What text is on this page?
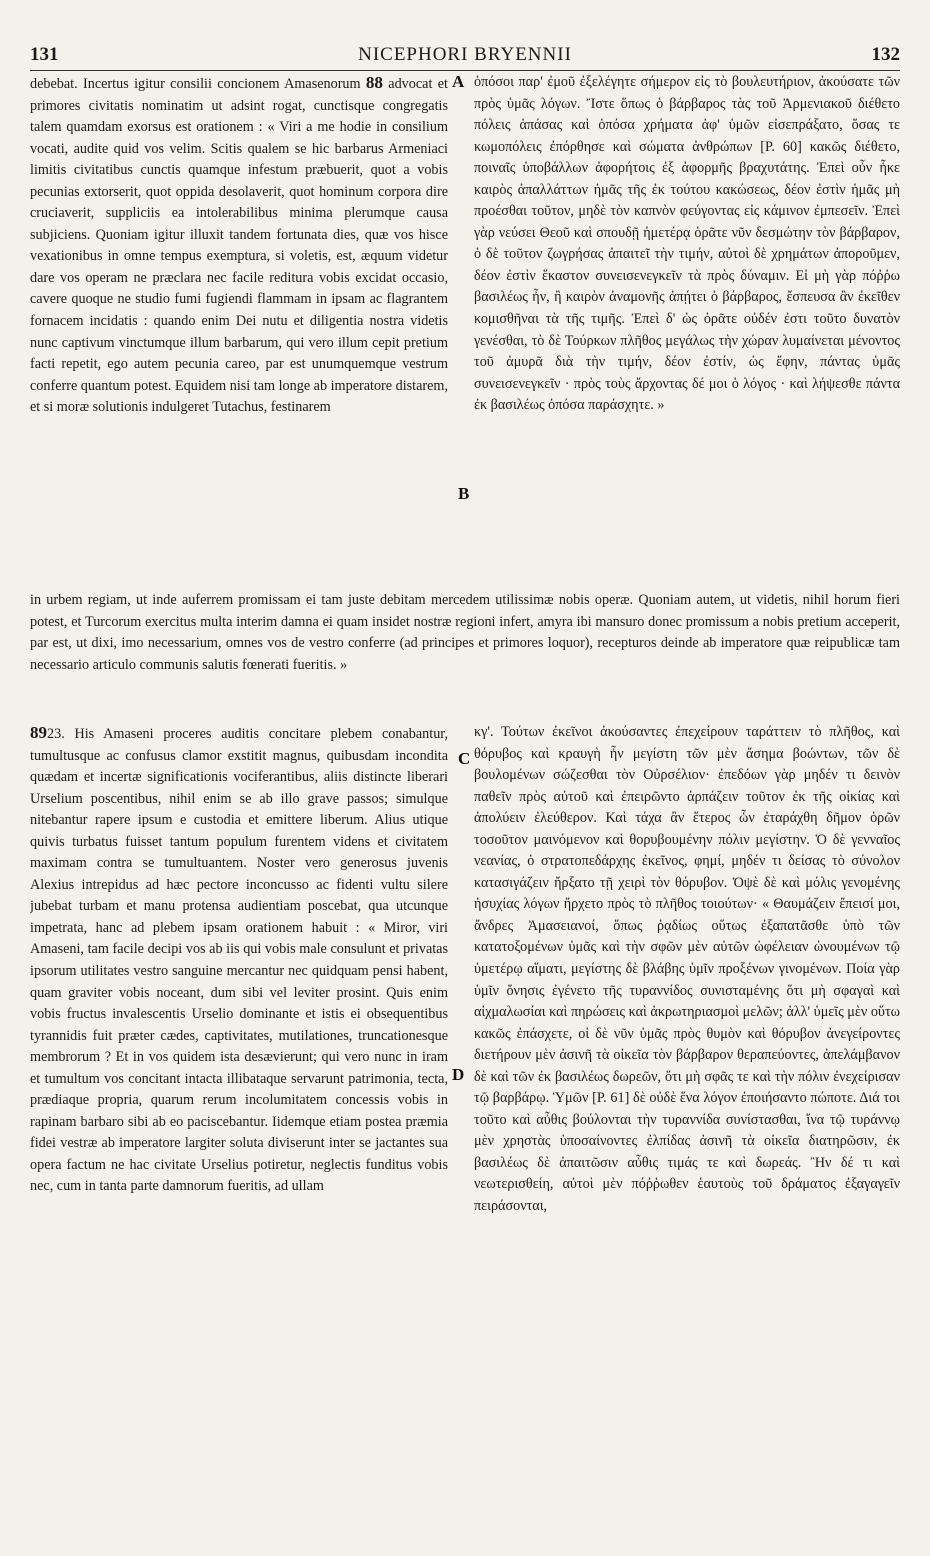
131	NICEPHORI BRYENNII	132

debebat. Incertus igitur consilii concionem Amasenorum 88 advocat et primores civitatis nominatim ut adsint rogat, cunctisque congregatis talem quamdam exorsus est orationem : « Viri a me hodie in consilium vocati, audite quid vos velim. Scitis qualem se hic barbarus Armeniaci limitis civitatibus cunctis quamque infestum præbuerit, quot a vobis pecunias extorserit, quot oppida desolaverit, quot hominum corpora dire cruciaverit, suppliciis ea intolerabilibus minima plerumque causa subjiciens. Quoniam igitur illuxit tandem fortunata dies, quæ vos hisce vexationibus in omne tempus exemptura, si voletis, est, æquum videtur dare vos operam ne præclara nec facile reditura vobis excidat occasio, cavere quoque ne studio fumi fugiendi flammam in ipsam ac flagrantem fornacem incidatis : quando enim Dei nutu et diligentia nostra videtis nunc captivum vinctumque illum barbarum, qui vero illum cepit pretium facti repetit, ego autem pecunia careo, par est unumquemque vestrum conferre quantum potest. Equidem nisi tam longe ab imperatore distarem, et si moræ solutionis indulgeret Tutachus, festinarem

ὁπόσοι παρ' ἐμοῦ ἐξελέγητε σήμερον εἰς τὸ βουλευτήριον, ἀκούσατε τῶν πρὸς ὑμᾶς λόγων. Ἴστε ὅπως ὁ βάρβαρος τὰς τοῦ Ἀρμενιακοῦ διέθετο πόλεις ἁπάσας καὶ ὁπόσα χρήματα ἀφ' ὑμῶν εἰσεπράξατο, ὅσας τε κωμοπόλεις ἐπόρθησε καὶ σώματα ἀνθρώπων [P. 60] κακῶς διέθετο, ποιναῖς ὑποβάλλων ἀφορήτοις ἐξ ἀφορμῆς βραχυτάτης. Ἐπεὶ οὖν ἧκε καιρὸς ἀπαλλάττων ἡμᾶς τῆς ἐκ τούτου κακώσεως, δέον ἐστὶν ἡμᾶς μὴ προέσθαι τοῦτον, μηδὲ τὸν καπνὸν φεύγοντας εἰς κάμινον ἐμπεσεῖν. Ἐπεὶ γὰρ νεύσει Θεοῦ καὶ σπουδῇ ἡμετέρᾳ ὁρᾶτε νῦν δεσμώτην τὸν βάρβαρον, ὁ δὲ τοῦτον ζωγρήσας ἀπαιτεῖ τὴν τιμήν, αὐτοὶ δὲ χρημάτων ἀποροῦμεν, δέον ἐστὶν ἕκαστον συνεισενεγκεῖν τὰ πρὸς δύναμιν. Εἰ μὴ γὰρ πόῤῥω βασιλέως ἦν, ἢ καιρὸν ἀναμονῆς ἀπῄτει ὁ βάρβαρος, ἔσπευσα ἂν ἐκεῖθεν κομισθῆναι τὰ τῆς τιμῆς. Ἐπεὶ δ' ὡς ὁρᾶτε οὐδέν ἐστι τοῦτο δυνατὸν γενέσθαι, τὸ δὲ Τούρκων πλῆθος μεγάλως τὴν χώραν λυμαίνεται μένοντος τοῦ ἀμυρᾶ διὰ τὴν τιμήν, δέον ἐστίν, ὡς ἔφην, πάντας ὑμᾶς συνεισενεγκεῖν · πρὸς τοὺς ἄρχοντας δέ μοι ὁ λόγος · καὶ λήψεσθε πάντα ἐκ βασιλέως ὁπόσα παράσχητε. »

in urbem regiam, ut inde auferrem promissam ei tam juste debitam mercedem utilissimæ nobis operæ. Quoniam autem, ut videtis, nihil horum fieri potest, et Turcorum exercitus multa interim damna ei quam insidet nostræ regioni infert, amyra ibi mansuro donec promissum a nobis pretium acceperit, par est, ut dixi, imo necessarium, omnes vos de vestro conferre (ad principes et primores loquor), recepturos deinde ab imperatore quæ reipublicæ tam necessario articulo communis salutis fœnerati fueritis. »

8923. His Amaseni proceres auditis concitare plebem conabantur, tumultusque ac confusus clamor exstitit magnus, quibusdam inconditа quædam et incertæ significationis vociferantibus, aliis distincte liberari Urselium poscentibus, nihil enim se ab illo grave passos; simulque nitebantur rapere ipsum e custodia et emittere liberum. Alius utique quivis turbatus fuisset tantum populum furentem videns et civitatem maximam contra se tumultuantem. Noster vero generosus juvenis Alexius intrepidus ad hæc pectore inconcusso ac fidenti vultu silere jubebat turbam et manu protensa audientiam poscebat, qua utcunque impetrata, hanc ad plebem ipsam orationem habuit : « Miror, viri Amaseni, tam facile decipi vos ab iis qui vobis male consulunt et privatas ipsorum utilitates vestro sanguine mercantur nec quidquam pensi habent, quam graviter vobis noceant, dum sibi vel leviter prosint. Quis enim vobis fructus invalescentis Urselio dominante et istis ei obsequentibus tyrannidis fuit præter cædes, captivitates, mutilationes, truncationesque membrorum ? Et in vos quidem ista desævierunt; qui vero nunc in iram et tumultum vos concitant intacta illibataque servarunt patrimonia, tecta, prædiaque propria, quarum rerum incolumitatem concessis vobis in rapinam barbaro sibi ab eo paciscebantur. Iidemque etiam postea præmia fidei vestræ ab imperatore largiter soluta diviserunt inter se jactantes sua opera factum ne hac civitate Urselius potiretur, neglectis funditus vobis nec, cum in tanta parte damnorum fueritis, ad ullam

κγ'. Τούτων ἐκεῖνοι ἀκούσαντες ἐπεχείρουν ταράττειν τὸ πλῆθος, καὶ θόρυβος καὶ κραυγὴ ἦν μεγίστη τῶν μὲν ἄσημα βοώντων, τῶν δὲ βουλομένων σώζεσθαι τὸν Οὐρσέλιον· ἐπεδόων γὰρ μηδέν τι δεινὸν παθεῖν πρὸς αὐτοῦ καὶ ἐπειρῶντο ἁρπάζειν τοῦτον ἐκ τῆς οἰκίας καὶ ἀπολύειν ἐλεύθερον. Καὶ τάχα ἂν ἕτερος ὧν ἐταράχθη δῆμον ὁρῶν τοσοῦτον μαινόμενον καὶ θορυβουμένην πόλιν μεγίστην. Ὁ δὲ γενναῖος νεανίας, ὁ στρατοπεδάρχης ἐκεῖνος, φημί, μηδέν τι δείσας τὸ σύνολον κατασιγάζειν ἤρξατο τῇ χειρὶ τὸν θόρυβον. Ὀψὲ δὲ καὶ μόλις γενομένης ἡσυχίας λόγων ἤρχετο πρὸς τὸ πλῆθος τοιούτων· « Θαυμάζειν ἔπεισί μοι, ἄνδρες Ἀμασειανοί, ὅπως ῥᾳδίως οὕτως ἐξαπατᾶσθε ὑπὸ τῶν κατατοξομένων ὑμᾶς καὶ τὴν σφῶν μὲν αὐτῶν ὠφέλειαν ὠνουμένων τῷ ὑμετέρῳ αἵματι, μεγίστης δὲ βλάβης ὑμῖν προξένων γινομένων. Ποία γὰρ ὑμῖν ὄνησις ἐγένετο τῆς τυραννίδος συνισταμένης ὅτι μὴ σφαγαὶ καὶ αἰχμαλωσίαι καὶ πηρώσεις καὶ ἀκρωτηριασμοὶ μελῶν; ἀλλ' ὑμεῖς μὲν οὕτω κακῶς ἐπάσχετε, οἱ δὲ νῦν ὑμᾶς πρὸς θυμὸν καὶ θόρυβον ἀνεγείροντες διετήρουν μὲν ἀσινῆ τὰ οἰκεῖα τὸν βάρβαρον θεραπεύοντες, ἀπελάμβανον δὲ καὶ τῶν ἐκ βασιλέως δωρεῶν, ὅτι μὴ σφᾶς τε καὶ τὴν πόλιν ἐνεχείρισαν τῷ βαρβάρῳ. Ὑμῶν [P. 61] δὲ οὐδὲ ἕνα λόγον ἐποιήσαντο πώποτε. Διά τοι τοῦτο καὶ αὖθις βούλονται τὴν τυραννίδα συνίστασθαι, ἵνα τῷ τυράννῳ μὲν χρηστὰς ὑποσαίνοντες ἐλπίδας ἀσινῆ τὰ οἰκεῖα διατηρῶσιν, ἐκ βασιλέως δὲ ἀπαιτῶσιν αὖθις τιμάς τε καὶ δωρεάς. Ἢν δέ τι καὶ νεωτερισθείη, αὐτοὶ μὲν πόῤῥωθεν ἑαυτοὺς τοῦ δράματος ἐξαγαγεῖν πειράσονται,

A
B
C
D
